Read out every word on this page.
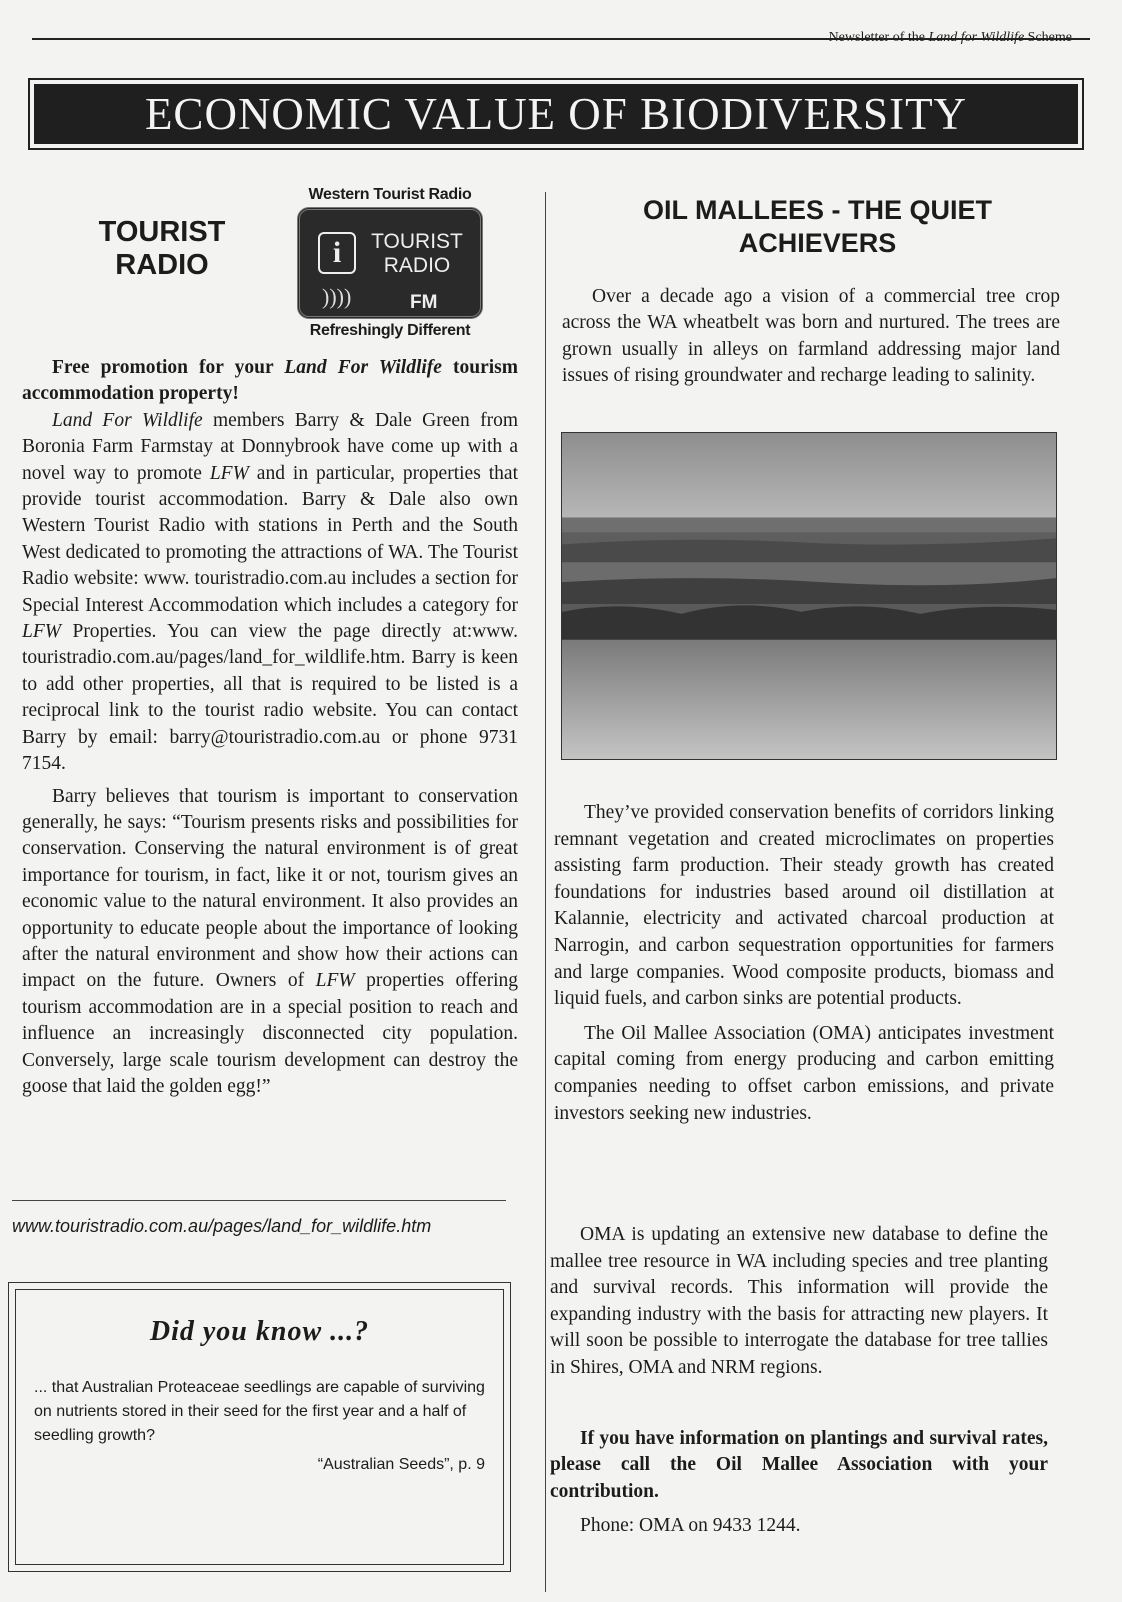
Newsletter of the Land for Wildlife Scheme
ECONOMIC VALUE OF BIODIVERSITY
TOURIST
RADIO
Western Tourist Radio
i	TOURIST
RADIO
))))	FM
Refreshingly Different

Free promotion for your Land For Wildlife tourism accommodation property!

Land For Wildlife members Barry & Dale Green from Boronia Farm Farmstay at Donnybrook have come up with a novel way to promote LFW and in particular, properties that provide tourist accommodation. Barry & Dale also own Western Tourist Radio with stations in Perth and the South West dedicated to promoting the attractions of WA. The Tourist Radio website: www. touristradio.com.au includes a section for Special Interest Accommodation which includes a category for LFW Properties. You can view the page directly at:www. touristradio.com.au/pages/land_for_wildlife.htm. Barry is keen to add other properties, all that is required to be listed is a reciprocal link to the tourist radio website. You can contact Barry by email: barry@touristradio.com.au or phone 9731 7154.

Barry believes that tourism is important to conservation generally, he says: “Tourism presents risks and possibilities for conservation. Conserving the natural environment is of great importance for tourism, in fact, like it or not, tourism gives an economic value to the natural environment. It also provides an opportunity to educate people about the importance of looking after the natural environment and show how their actions can impact on the future. Owners of LFW properties offering tourism accommodation are in a special position to reach and influence an increasingly disconnected city population. Conversely, large scale tourism development can destroy the goose that laid the golden egg!”

www.touristradio.com.au/pages/land_for_wildlife.htm
Did you know ...?
... that Australian Proteaceae seedlings are capable of surviving on nutrients stored in their seed for the first year and a half of seedling growth?
“Australian Seeds”, p. 9
OIL MALLEES - THE QUIET
ACHIEVERS

Over a decade ago a vision of a commercial tree crop across the WA wheatbelt was born and nurtured. The trees are grown usually in alleys on farmland addressing major land issues of rising groundwater and recharge leading to salinity.

They’ve provided conservation benefits of corridors linking remnant vegetation and created microclimates on properties assisting farm production. Their steady growth has created foundations for industries based around oil distillation at Kalannie, electricity and activated charcoal production at Narrogin, and carbon sequestration opportunities for farmers and large companies. Wood composite products, biomass and liquid fuels, and carbon sinks are potential products.

The Oil Mallee Association (OMA) anticipates investment capital coming from energy producing and carbon emitting companies needing to offset carbon emissions, and private investors seeking new industries.

OMA is updating an extensive new database to define the mallee tree resource in WA including species and tree planting and survival records. This information will provide the expanding industry with the basis for attracting new players. It will soon be possible to interrogate the database for tree tallies in Shires, OMA and NRM regions.

If you have information on plantings and survival rates, please call the Oil Mallee Association with your contribution.

Phone: OMA on 9433 1244.
